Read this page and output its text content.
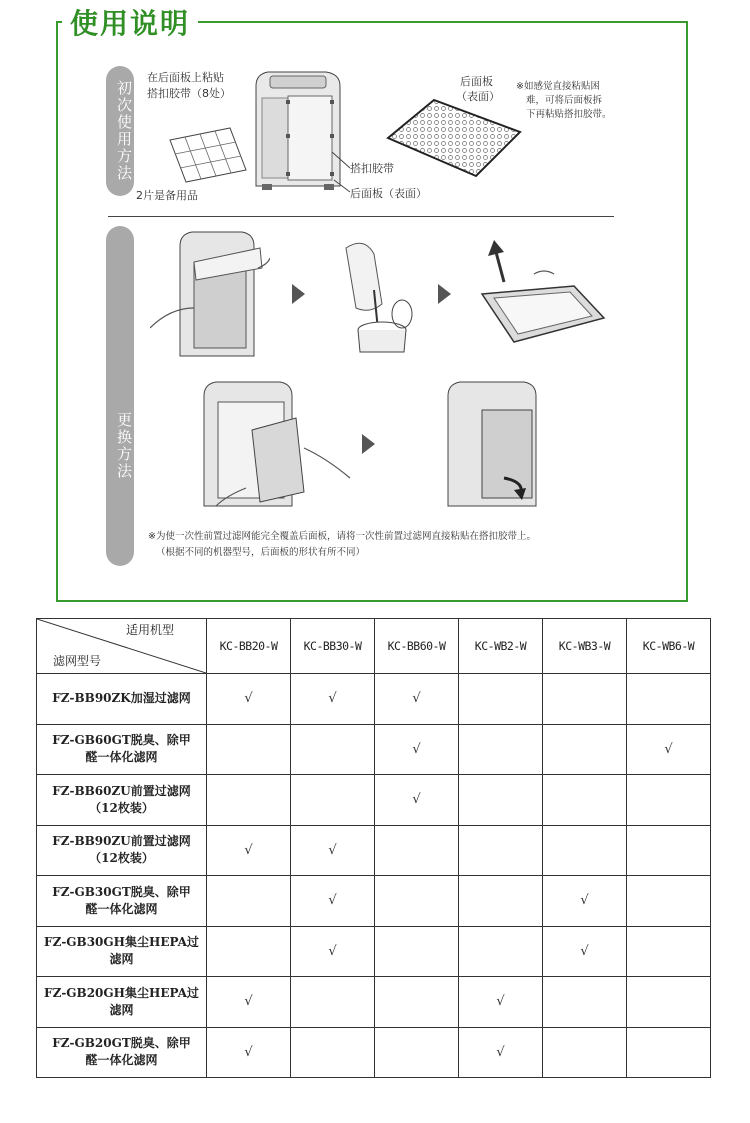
使用说明
初次使用方法
在后面板上粘贴
搭扣胶带（8处）
2片是备用品
搭扣胶带
后面板（表面）
后面板
（表面）
※如感觉直接粘贴困
难，可将后面板拆
下再粘贴搭扣胶带。
更换方法
※为使一次性前置过滤网能完全覆盖后面板，请将一次性前置过滤网直接粘贴在搭扣胶带上。
（根据不同的机器型号，后面板的形状有所不同）
适用机型
滤网型号	KC-BB20-W	KC-BB30-W	KC-BB60-W	KC-WB2-W	KC-WB3-W	KC-WB6-W

FZ-BB90ZK加湿过滤网	√	√	√			

FZ-GB60GT脱臭、除甲
醛一体化滤网			√			√

FZ-BB60ZU前置过滤网
（12枚装）			√			

FZ-BB90ZU前置过滤网
（12枚装）	√	√				

FZ-GB30GT脱臭、除甲
醛一体化滤网		√			√	

FZ-GB30GH集尘HEPA过
滤网		√			√	

FZ-GB20GH集尘HEPA过
滤网	√			√		

FZ-GB20GT脱臭、除甲
醛一体化滤网	√			√		
